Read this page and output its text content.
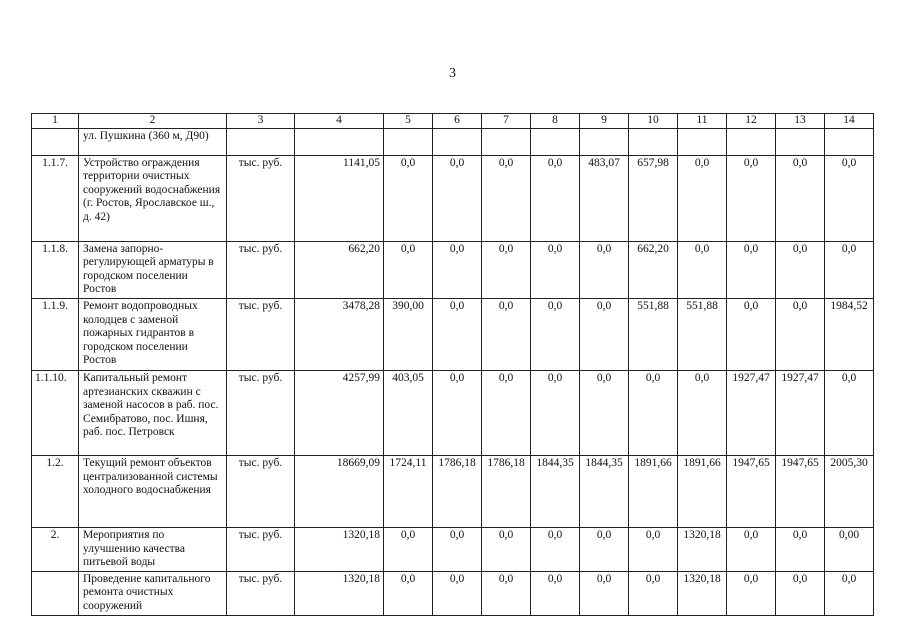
3
1	2	3	4	5	6	7	8	9	10	11	12	13	14
	ул. Пушкина (360 м, Д90)												
1.1.7.	Устройство ограждения территории очистных сооружений водоснабжения (г. Ростов, Ярославское ш., д. 42)	тыс. руб.	1141,05	0,0	0,0	0,0	0,0	483,07	657,98	0,0	0,0	0,0	0,0
1.1.8.	Замена запорно-регулирующей арматуры в городском поселении Ростов	тыс. руб.	662,20	0,0	0,0	0,0	0,0	0,0	662,20	0,0	0,0	0,0	0,0
1.1.9.	Ремонт водопроводных колодцев с заменой пожарных гидрантов в городском поселении Ростов	тыс. руб.	3478,28	390,00	0,0	0,0	0,0	0,0	551,88	551,88	0,0	0,0	1984,52
1.1.10.	Капитальный ремонт артезианских скважин с заменой насосов в раб. пос. Семибратово, пос. Ишня, раб. пос. Петровск	тыс. руб.	4257,99	403,05	0,0	0,0	0,0	0,0	0,0	0,0	1927,47	1927,47	0,0
1.2.	Текущий ремонт объектов централизованной системы холодного водоснабжения	тыс. руб.	18669,09	1724,11	1786,18	1786,18	1844,35	1844,35	1891,66	1891,66	1947,65	1947,65	2005,30
2.	Мероприятия по улучшению качества питьевой воды	тыс. руб.	1320,18	0,0	0,0	0,0	0,0	0,0	0,0	1320,18	0,0	0,0	0,00
	Проведение капитального ремонта очистных сооружений	тыс. руб.	1320,18	0,0	0,0	0,0	0,0	0,0	0,0	1320,18	0,0	0,0	0,0
